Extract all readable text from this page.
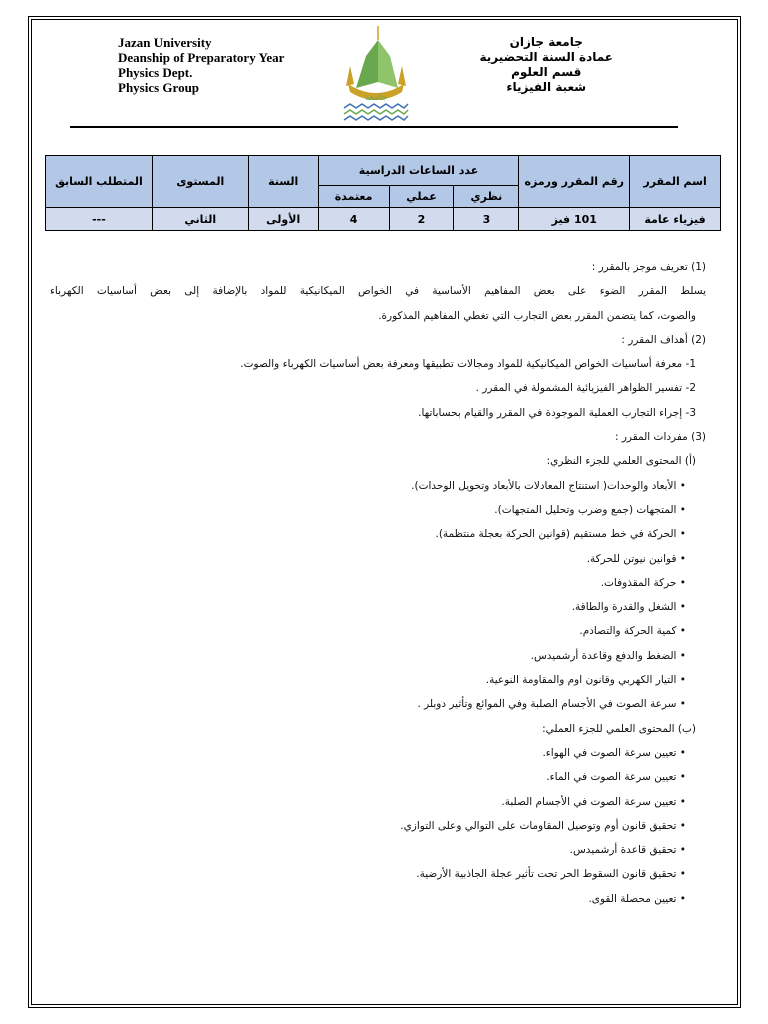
Jazan University
Deanship of Preparatory Year
Physics Dept.
Physics Group
جامعة
جامعة جازان
عمادة السنة التحضيرية
قسم العلوم
شعبة الفيزياء
اسم المقرر	رقم المقرر ورمزه	عدد الساعات الدراسية			السنة	المستوى	المتطلب السابق
		نظري	عملي	معتمدة			
فيزياء عامة	101 فيز	3	2	4	الأولى	الثاني	---
(1) تعريف موجز بالمقرر :
يسلط المقرر الضوء على بعض المفاهيم الأساسية في الخواص الميكانيكية للمواد بالإضافة إلى بعض أساسيات الكهرباء
والصوت، كما يتضمن المقرر بعض التجارب التي تغطي المفاهيم المذكورة.
(2) أهداف المقرر :
1- معرفة أساسيات الخواص الميكانيكية للمواد ومجالات تطبيقها ومعرفة بعض أساسيات الكهرباء والصوت.
2- تفسير الظواهر الفيزيائية المشمولة في المقرر .
3- إجراء التجارب العملية الموجودة في المقرر والقيام بحساباتها.
(3) مفردات المقرر :
(أ) المحتوى العلمي للجزء النظري:
• الأبعاد والوحدات( استنتاج المعادلات بالأبعاد وتحويل الوحدات).
• المتجهات (جمع وضرب وتحليل المتجهات).
• الحركة في خط مستقيم (قوانين الحركة بعجلة منتظمة).
• قوانين نيوتن للحركة.
• حركة المقذوفات.
• الشغل والقدرة والطاقة.
• كمية الحركة والتصادم.
• الضغط والدفع وقاعدة أرشميدس.
• التيار الكهربي وقانون اوم والمقاومة النوعية.
• سرعة الصوت في الأجسام الصلبة وفي الموائع وتأثير دوبلر .
(ب) المحتوى العلمي للجزء العملي:
• تعيين سرعة الصوت في الهواء.
• تعيين سرعة الصوت في الماء.
• تعيين سرعة الصوت في الأجسام الصلبة.
• تحقيق قانون أوم وتوصيل المقاومات على التوالي وعلى التوازي.
• تحقيق قاعدة أرشميدس.
• تحقيق قانون السقوط الحر تحت تأثير عجلة الجاذبية الأرضية.
• تعيين محصلة القوى.
